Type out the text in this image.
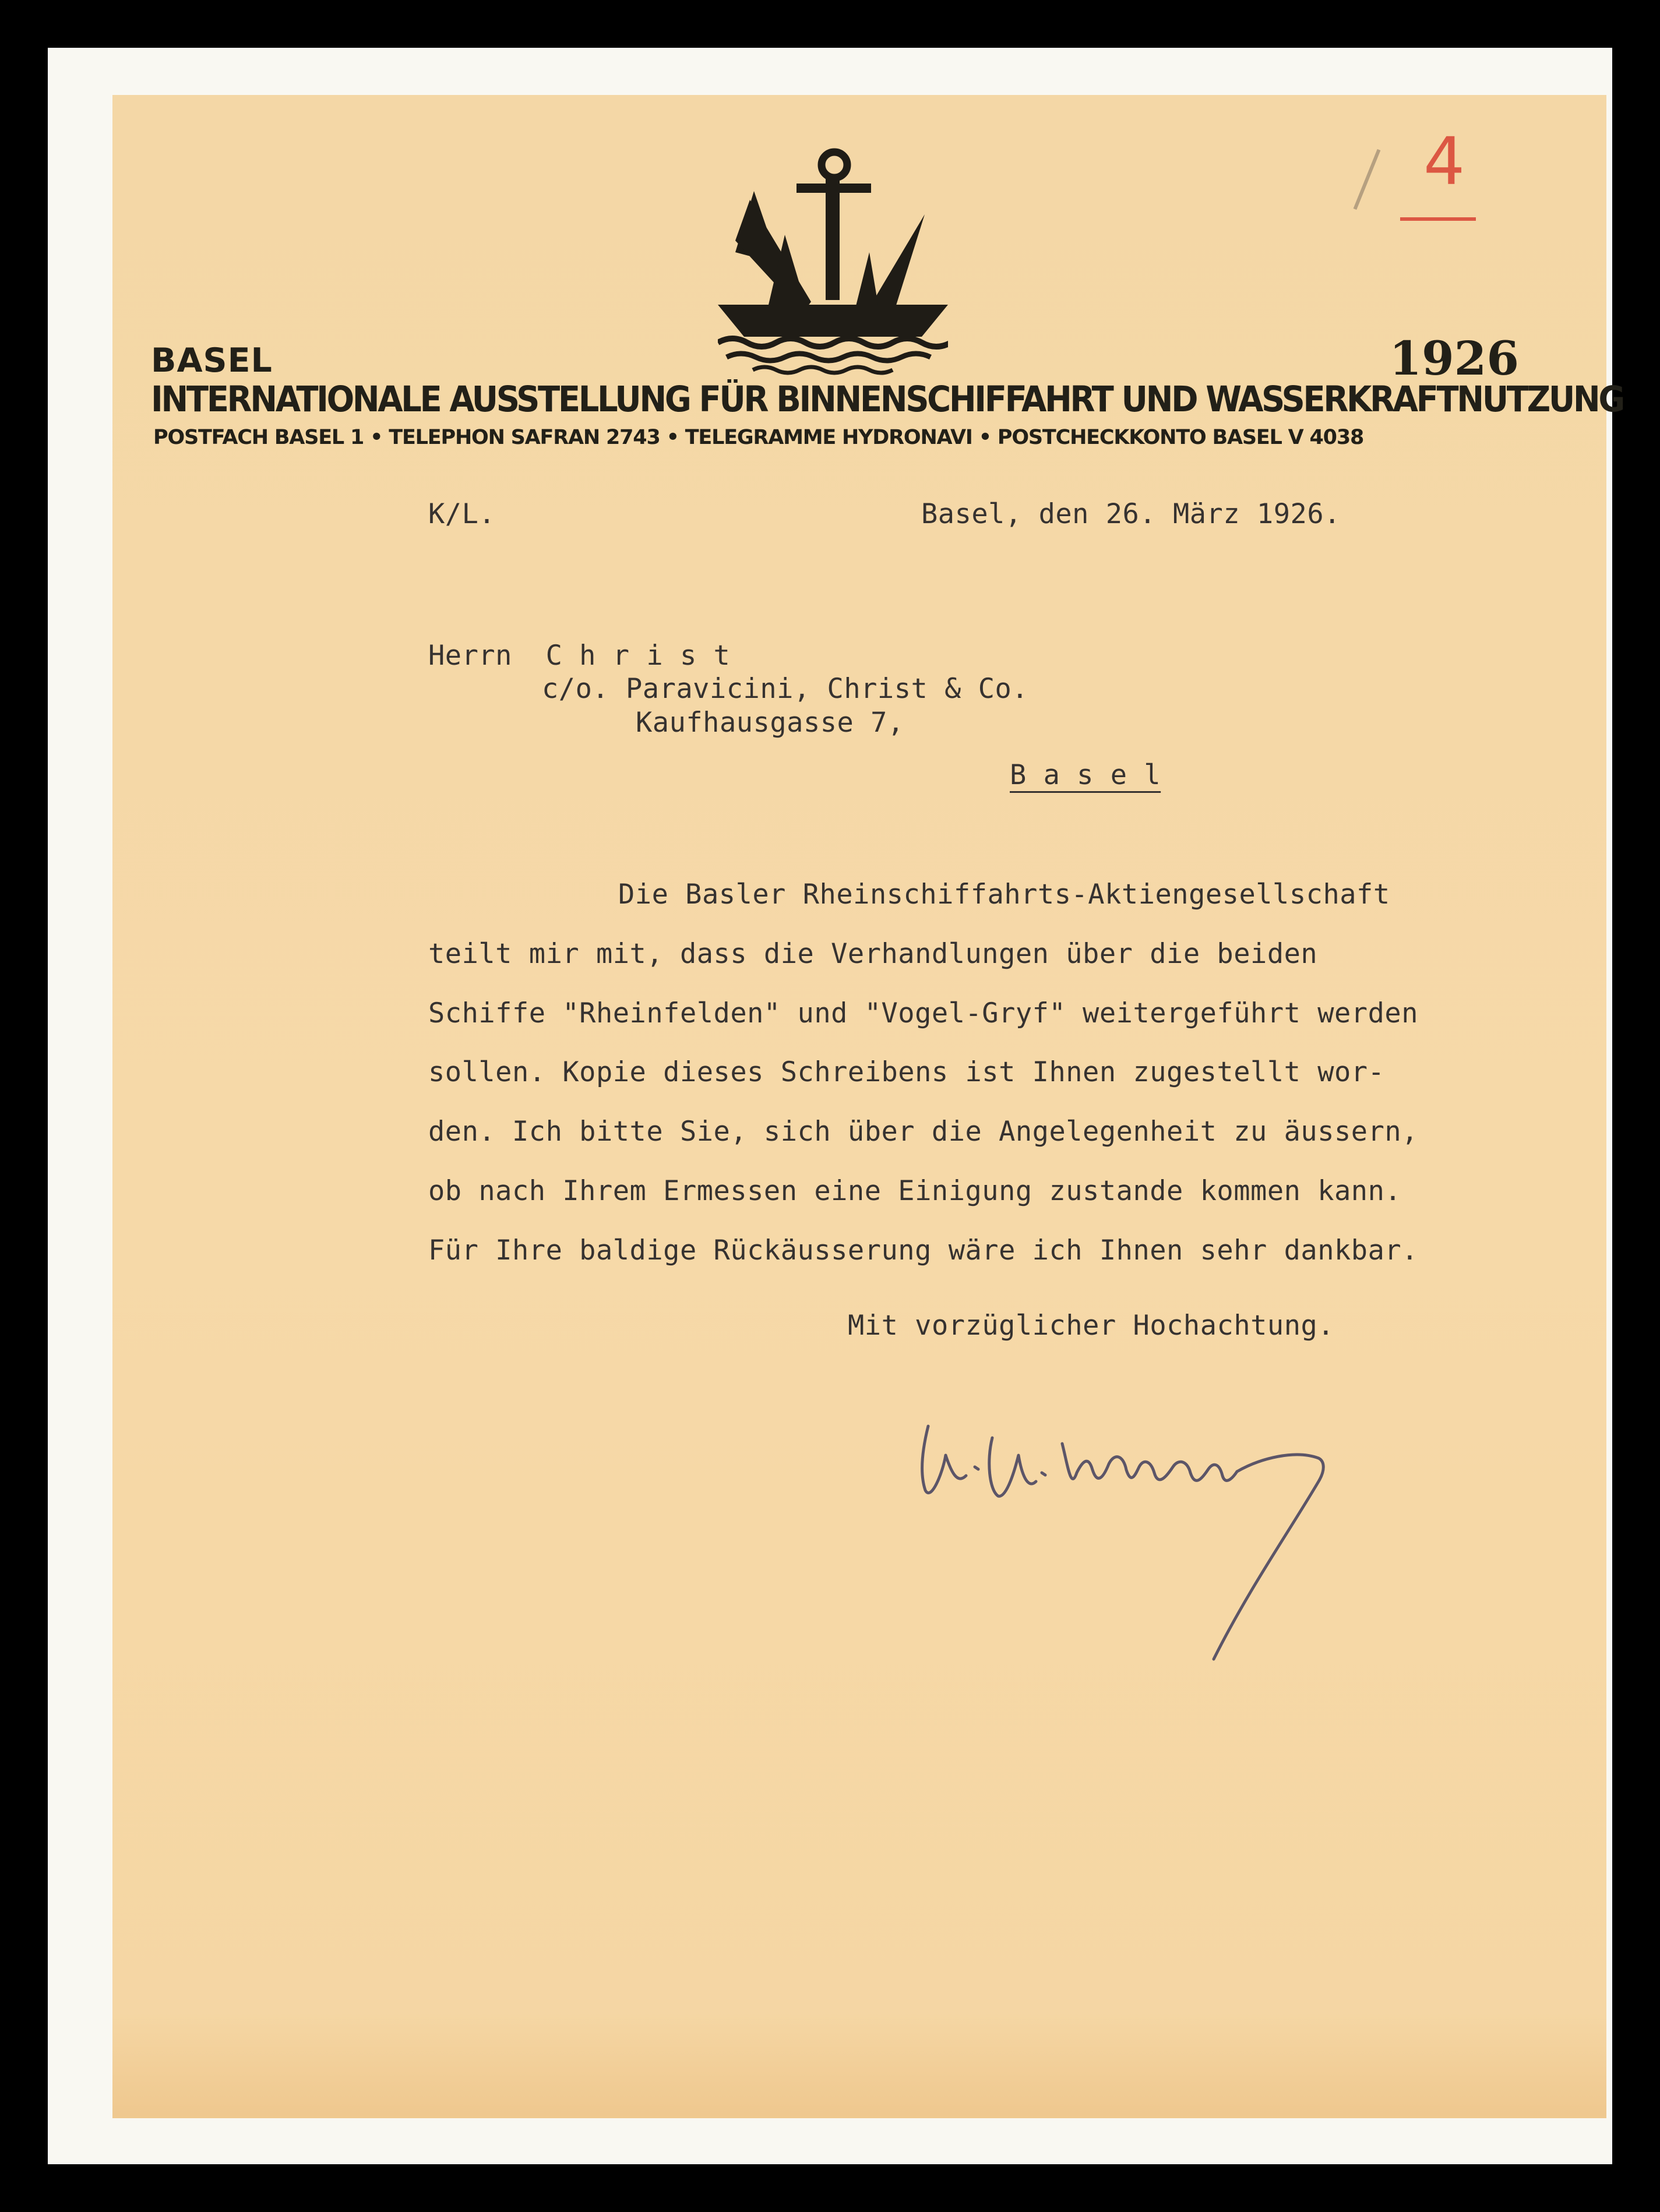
4
BASEL	1926
INTERNATIONALE AUSSTELLUNG FÜR BINNENSCHIFFAHRT UND WASSERKRAFTNUTZUNG
POSTFACH BASEL 1 • TELEPHON SAFRAN 2743 • TELEGRAMME HYDRONAVI • POSTCHECKKONTO BASEL V 4038
K/L.	Basel, den 26. März 1926.
Herrn  C h r i s t
c/o. Paravicini, Christ & Co.
Kaufhausgasse 7,
B a s e l
Die Basler Rheinschiffahrts-Aktiengesellschaft
teilt mir mit, dass die Verhandlungen über die beiden
Schiffe "Rheinfelden" und "Vogel-Gryf" weitergeführt werden
sollen. Kopie dieses Schreibens ist Ihnen zugestellt wor-
den. Ich bitte Sie, sich über die Angelegenheit zu äussern,
ob nach Ihrem Ermessen eine Einigung zustande kommen kann.
Für Ihre baldige Rückäusserung wäre ich Ihnen sehr dankbar.
Mit vorzüglicher Hochachtung.
